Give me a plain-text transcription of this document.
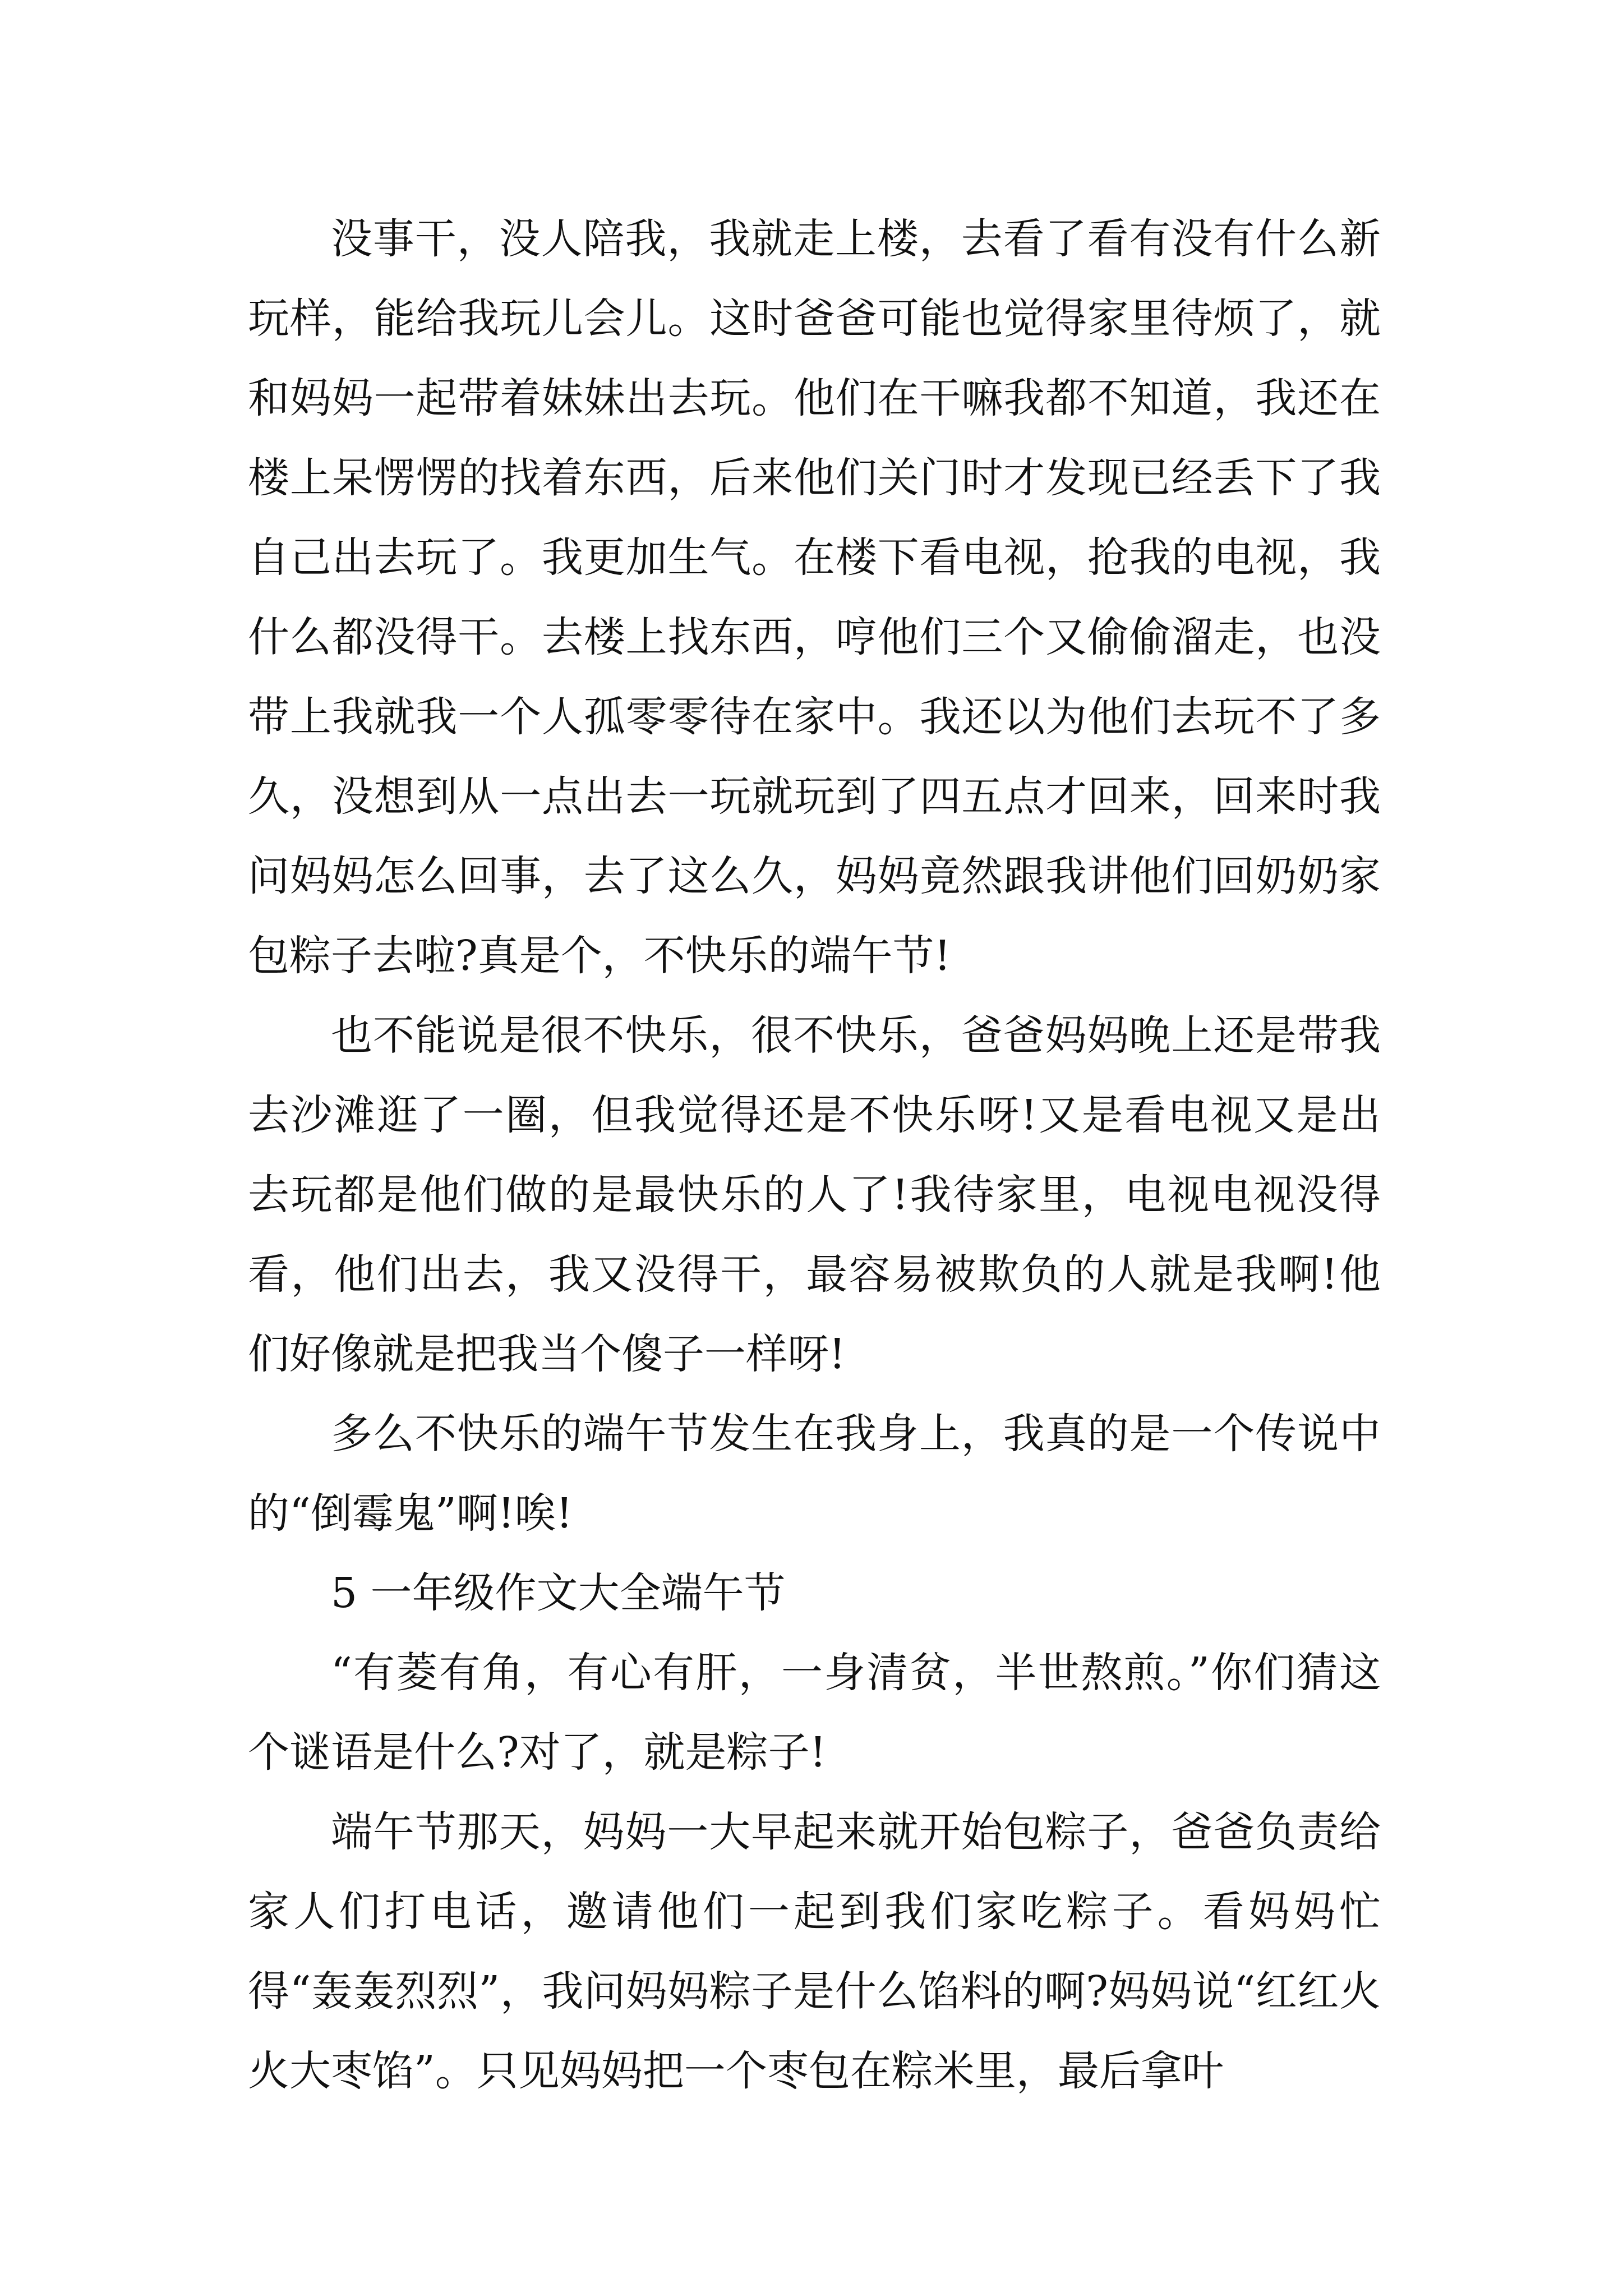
没事干，没人陪我，我就走上楼，去看了看有没有什么新玩样，能给我玩儿会儿。这时爸爸可能也觉得家里待烦了，就和妈妈一起带着妹妹出去玩。他们在干嘛我都不知道，我还在楼上呆愣愣的找着东西，后来他们关门时才发现已经丢下了我自己出去玩了。我更加生气。在楼下看电视，抢我的电视，我什么都没得干。去楼上找东西，哼他们三个又偷偷溜走，也没带上我就我一个人孤零零待在家中。我还以为他们去玩不了多久，没想到从一点出去一玩就玩到了四五点才回来，回来时我问妈妈怎么回事，去了这么久，妈妈竟然跟我讲他们回奶奶家包粽子去啦?真是个，不快乐的端午节!

也不能说是很不快乐，很不快乐，爸爸妈妈晚上还是带我去沙滩逛了一圈，但我觉得还是不快乐呀!又是看电视又是出去玩都是他们做的是最快乐的人了!我待家里，电视电视没得看，他们出去，我又没得干，最容易被欺负的人就是我啊!他们好像就是把我当个傻子一样呀!

多么不快乐的端午节发生在我身上，我真的是一个传说中的“倒霉鬼”啊!唉!

5 一年级作文大全端午节

“有菱有角，有心有肝，一身清贫，半世熬煎。”你们猜这个谜语是什么?对了，就是粽子!

端午节那天，妈妈一大早起来就开始包粽子，爸爸负责给家人们打电话，邀请他们一起到我们家吃粽子。看妈妈忙得“轰轰烈烈”，我问妈妈粽子是什么馅料的啊?妈妈说“红红火火大枣馅”。只见妈妈把一个枣包在粽米里，最后拿叶
